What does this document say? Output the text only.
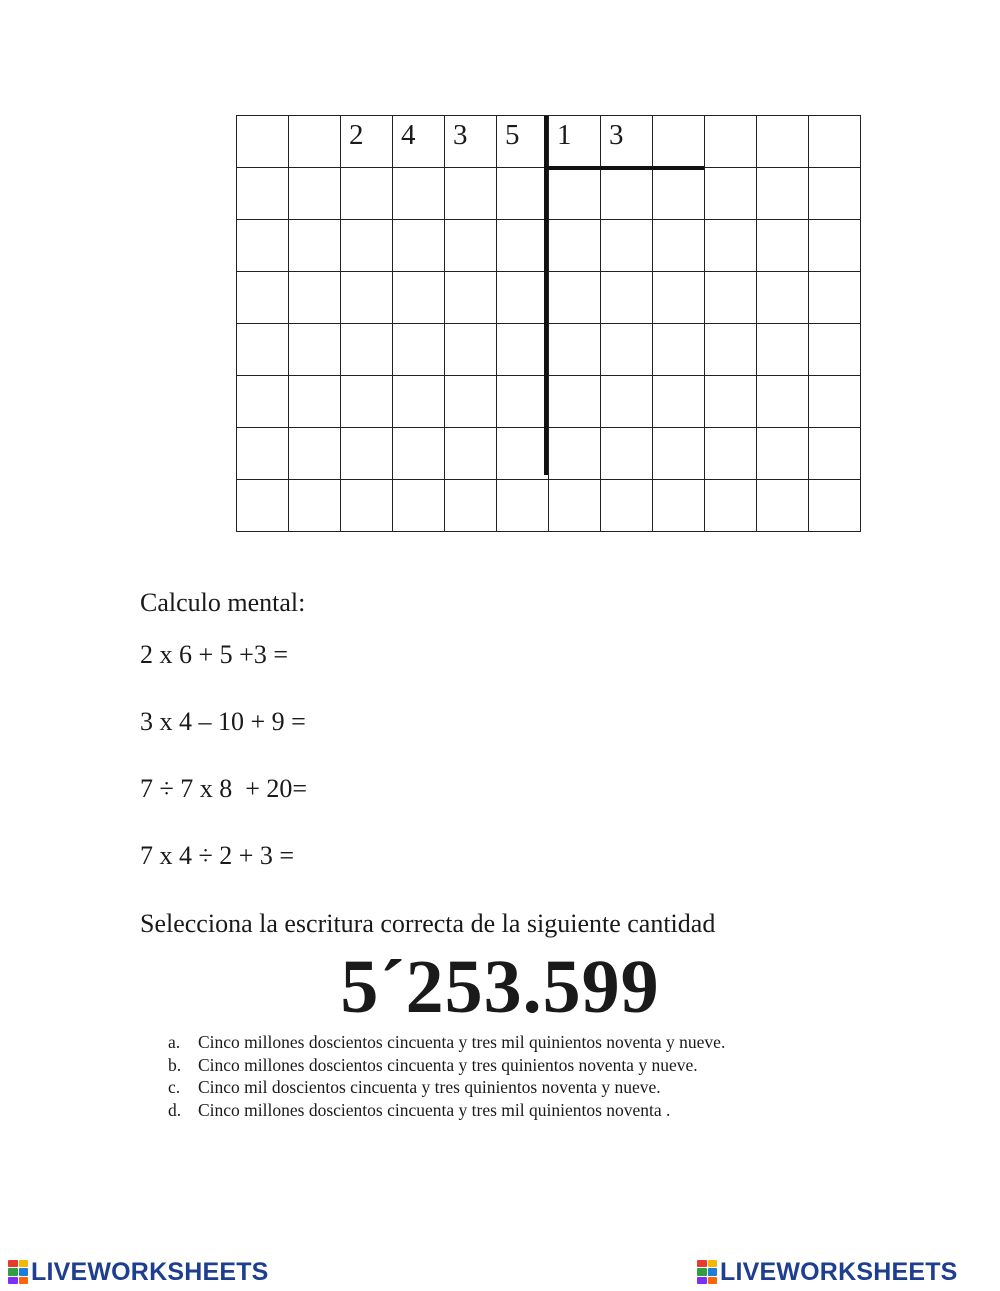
		2	4	3	5	1	3				

Calculo mental:
2 x 6 + 5 +3 =
3 x 4 – 10 + 9 =
7 ÷ 7 x 8  + 20=
7 x 4 ÷ 2 + 3 =
Selecciona la escritura correcta de la siguiente cantidad
5´253.599
a. Cinco millones doscientos cincuenta y tres mil quinientos noventa y nueve.
b. Cinco millones doscientos cincuenta y tres quinientos noventa y nueve.
c. Cinco mil doscientos cincuenta y tres quinientos noventa y nueve.
d. Cinco millones doscientos cincuenta y tres mil quinientos noventa .
LIVEWORKSHEETS	LIVEWORKSHEETS
